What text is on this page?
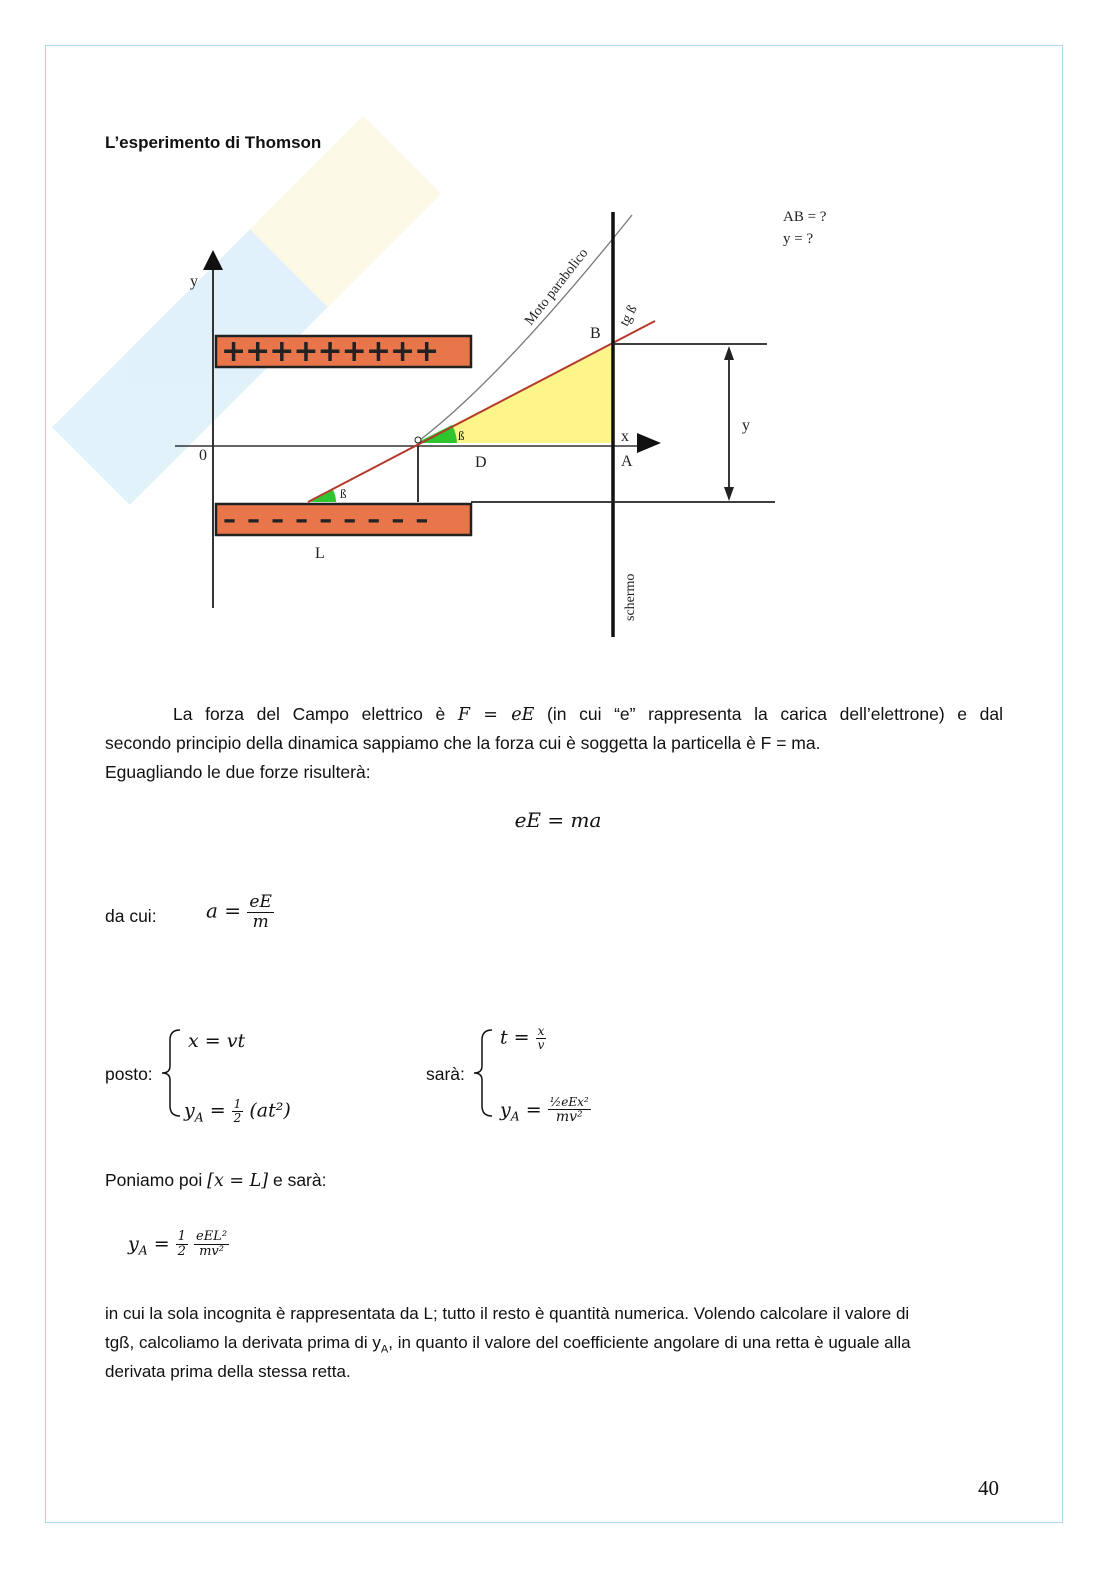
L’esperimento di Thomson
+++++++++
– – – – – – – – –
y
0
x
A
B
D
L
ß
ß
tg ß
Moto parabolico
schermo
y
AB = ?
y = ?
La forza del Campo elettrico è F = eE (in cui “e” rappresenta la carica dell’elettrone) e dal
secondo principio della dinamica sappiamo che la forza cui è soggetta la particella è F = ma.
Eguagliando le due forze risulterà:
eE = ma
da cui: $a = \frac{eE}{m}$
posto:
x = vt
$y_A = \frac{1}{2} (at^2)$
sarà:
$t = \frac{x}{v}$
$y_A = \frac{\text{½eEx²}}{\text{mv²}}$
Poniamo poi [x = L] e sarà:
$y_A = \frac{1}{2}$
$\frac{\text{eEL²}}{\text{mv²}}$
in cui la sola incognita è rappresentata da L; tutto il resto è quantità numerica. Volendo calcolare il valore di
tgß, calcoliamo la derivata prima di $y_A$, in quanto il valore del coefficiente angolare di una retta è uguale alla
derivata prima della stessa retta.
40
